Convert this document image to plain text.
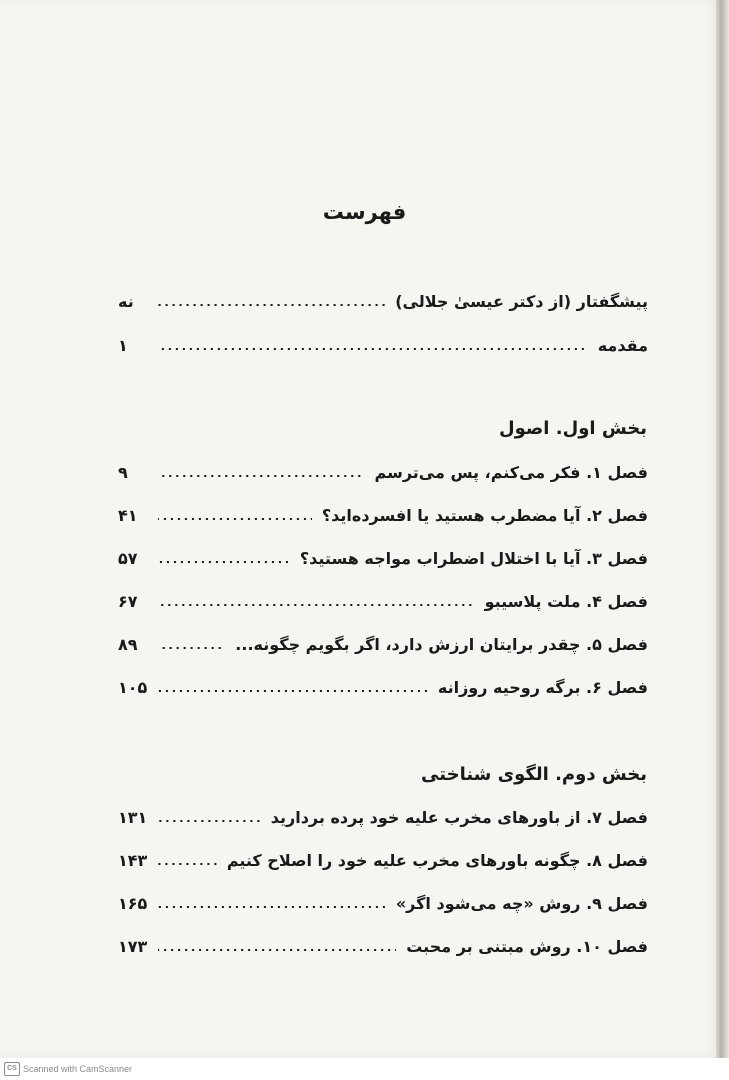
فهرست
پیشگفتار (از دکتر عیسیٰ جلالی)
نه
مقدمه
۱
بخش اول. اصول
فصل ۱. فکر می‌کنم، پس می‌ترسم
۹
فصل ۲. آیا مضطرب هستید یا افسرده‌اید؟
۴۱
فصل ۳. آیا با اختلال اضطراب مواجه هستید؟
۵۷
فصل ۴. ملت پلاسیبو
۶۷
فصل ۵. چقدر برایتان ارزش دارد، اگر بگویم چگونه...
۸۹
فصل ۶. برگه روحیه روزانه
۱۰۵
بخش دوم. الگوی شناختی
فصل ۷. از باورهای مخرب علیه خود پرده بردارید
۱۳۱
فصل ۸. چگونه باورهای مخرب علیه خود را اصلاح کنیم
۱۴۳
فصل ۹. روش «چه می‌شود اگر»
۱۶۵
فصل ۱۰. روش مبتنی بر محبت
۱۷۳
CS Scanned with CamScanner
